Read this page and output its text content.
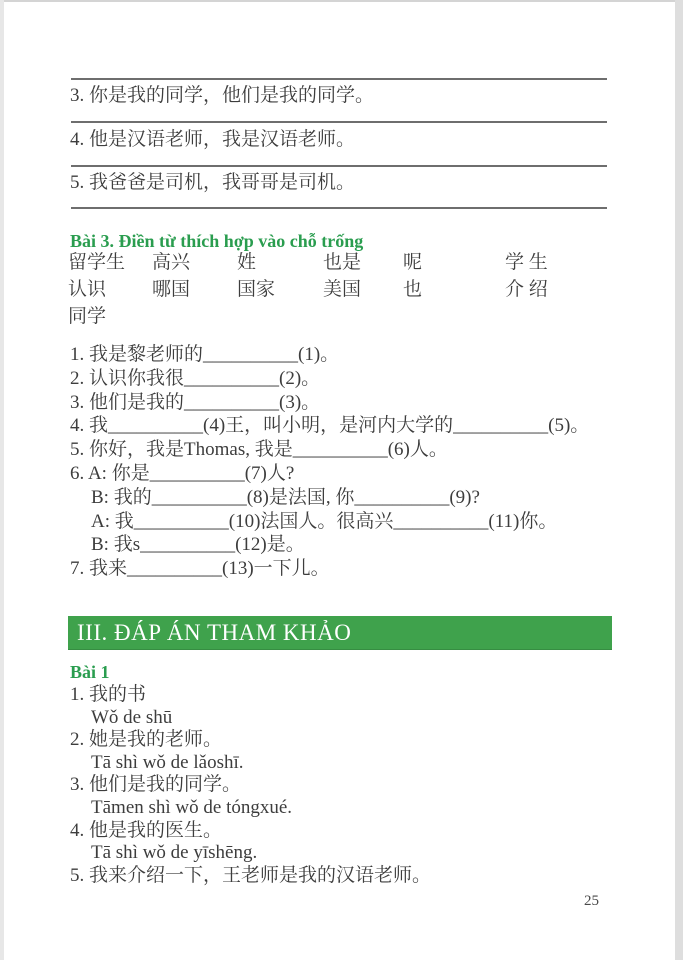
3. 你是我的同学，他们是我的同学。
4. 他是汉语老师，我是汉语老师。
5. 我爸爸是司机，我哥哥是司机。
Bài 3. Điền từ thích hợp vào chỗ trống
留学生 高兴 姓	也是 呢	学 生
认识 哪国 国家	美国 也	介 绍
同学
1. 我是黎老师的__________(1)。
2. 认识你我很__________(2)。
3. 他们是我的__________(3)。
4. 我__________(4)王，叫小明，是河内大学的__________(5)。
5. 你好，我是Thomas, 我是__________(6)人。
6. A: 你是__________(7)人?
B: 我的__________(8)是法国, 你__________(9)?
A: 我__________(10)法国人。很高兴__________(11)你。
B: 我s__________(12)是。
7. 我来__________(13)一下儿。
III. ĐÁP ÁN THAM KHẢO
Bài 1
1. 我的书
Wǒ de shū
2. 她是我的老师。
Tā shì wǒ de lǎoshī.
3. 他们是我的同学。
Tāmen shì wǒ de tóngxué.
4. 他是我的医生。
Tā shì wǒ de yīshēng.
5. 我来介绍一下，王老师是我的汉语老师。
25
